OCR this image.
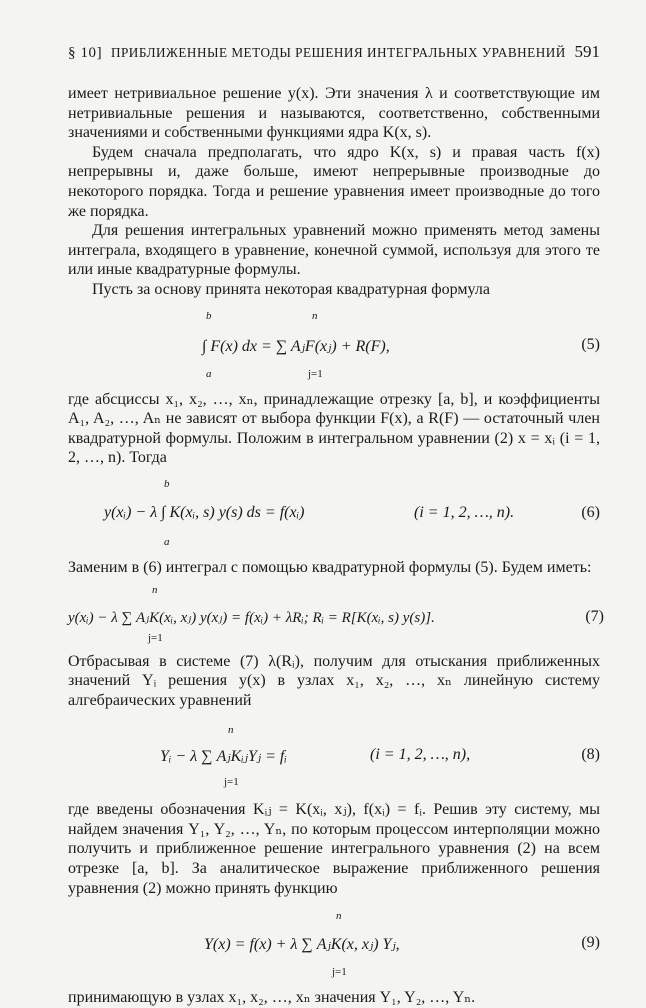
§ 10] ПРИБЛИЖЕННЫЕ МЕТОДЫ РЕШЕНИЯ ИНТЕГРАЛЬНЫХ УРАВНЕНИЙ 591

имеет нетривиальное решение y(x). Эти значения λ и соответствующие им нетривиальные решения и называются, соответственно, собственными значениями и собственными функциями ядра K(x, s).

Будем сначала предполагать, что ядро K(x, s) и правая часть f(x) непрерывны и, даже больше, имеют непрерывные производные до некоторого порядка. Тогда и решение уравнения имеет производные до того же порядка.

Для решения интегральных уравнений можно применять метод замены интеграла, входящего в уравнение, конечной суммой, используя для этого те или иные квадратурные формулы.

Пусть за основу принята некоторая квадратурная формула

b
a
n
j=1
∫ F(x) dx = ∑ AⱼF(xⱼ) + R(F),	(5)

где абсциссы x₁, x₂, …, xₙ, принадлежащие отрезку [a, b], и коэффициенты A₁, A₂, …, Aₙ не зависят от выбора функции F(x), а R(F) — остаточный член квадратурной формулы. Положим в интегральном уравнении (2) x = xᵢ (i = 1, 2, …, n). Тогда

b
a
y(xᵢ) − λ ∫ K(xᵢ, s) y(s) ds = f(xᵢ)	(i = 1, 2, …, n).	(6)

Заменим в (6) интеграл с помощью квадратурной формулы (5). Будем иметь:

n
j=1
y(xᵢ) − λ ∑ AⱼK(xᵢ, xⱼ) y(xⱼ) = f(xᵢ) + λRᵢ; Rᵢ = R[K(xᵢ, s) y(s)].	(7)

Отбрасывая в системе (7) λ(Rᵢ), получим для отыскания приближенных значений Yᵢ решения y(x) в узлах x₁, x₂, …, xₙ линейную систему алгебраических уравнений

n
j=1
Yᵢ − λ ∑ AⱼKᵢⱼYⱼ = fᵢ	(i = 1, 2, …, n),	(8)

где введены обозначения Kᵢⱼ = K(xᵢ, xⱼ), f(xᵢ) = fᵢ. Решив эту систему, мы найдем значения Y₁, Y₂, …, Yₙ, по которым процессом интерполяции можно получить и приближенное решение интегрального уравнения (2) на всем отрезке [a, b]. За аналитическое выражение приближенного решения уравнения (2) можно принять функцию

n
j=1
Y(x) = f(x) + λ ∑ AⱼK(x, xⱼ) Yⱼ,	(9)

принимающую в узлах x₁, x₂, …, xₙ значения Y₁, Y₂, …, Yₙ.
